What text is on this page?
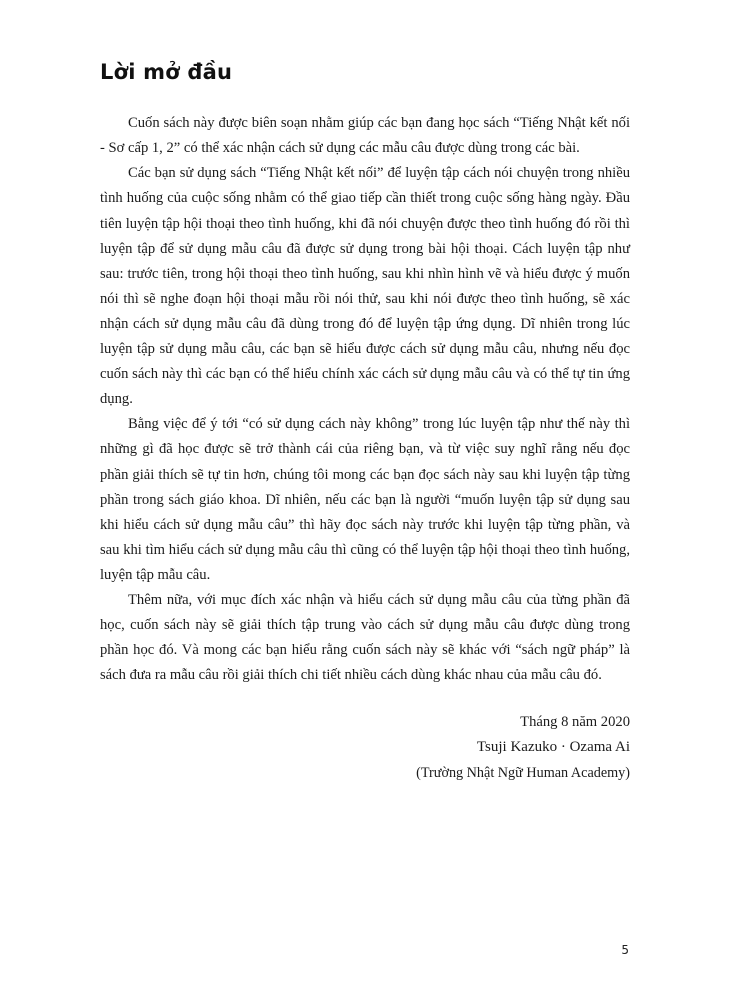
Lời mở đầu

Cuốn sách này được biên soạn nhằm giúp các bạn đang học sách “Tiếng Nhật kết nối - Sơ cấp 1, 2” có thể xác nhận cách sử dụng các mẫu câu được dùng trong các bài.

Các bạn sử dụng sách “Tiếng Nhật kết nối” để luyện tập cách nói chuyện trong nhiều tình huống của cuộc sống nhằm có thể giao tiếp cần thiết trong cuộc sống hàng ngày. Đầu tiên luyện tập hội thoại theo tình huống, khi đã nói chuyện được theo tình huống đó rồi thì luyện tập để sử dụng mẫu câu đã được sử dụng trong bài hội thoại. Cách luyện tập như sau: trước tiên, trong hội thoại theo tình huống, sau khi nhìn hình vẽ và hiểu được ý muốn nói thì sẽ nghe đoạn hội thoại mẫu rồi nói thử, sau khi nói được theo tình huống, sẽ xác nhận cách sử dụng mẫu câu đã dùng trong đó để luyện tập ứng dụng. Dĩ nhiên trong lúc luyện tập sử dụng mẫu câu, các bạn sẽ hiểu được cách sử dụng mẫu câu, nhưng nếu đọc cuốn sách này thì các bạn có thể hiểu chính xác cách sử dụng mẫu câu và có thể tự tin ứng dụng.

Bằng việc để ý tới “có sử dụng cách này không” trong lúc luyện tập như thế này thì những gì đã học được sẽ trở thành cái của riêng bạn, và từ việc suy nghĩ rằng nếu đọc phần giải thích sẽ tự tin hơn, chúng tôi mong các bạn đọc sách này sau khi luyện tập từng phần trong sách giáo khoa. Dĩ nhiên, nếu các bạn là người “muốn luyện tập sử dụng sau khi hiểu cách sử dụng mẫu câu” thì hãy đọc sách này trước khi luyện tập từng phần, và sau khi tìm hiểu cách sử dụng mẫu câu thì cũng có thể luyện tập hội thoại theo tình huống, luyện tập mẫu câu.

Thêm nữa, với mục đích xác nhận và hiểu cách sử dụng mẫu câu của từng phần đã học, cuốn sách này sẽ giải thích tập trung vào cách sử dụng mẫu câu được dùng trong phần học đó. Và mong các bạn hiểu rằng cuốn sách này sẽ khác với “sách ngữ pháp” là sách đưa ra mẫu câu rồi giải thích chi tiết nhiều cách dùng khác nhau của mẫu câu đó.

Tháng 8 năm 2020
Tsuji Kazuko · Ozama Ai
(Trường Nhật Ngữ Human Academy)
5
